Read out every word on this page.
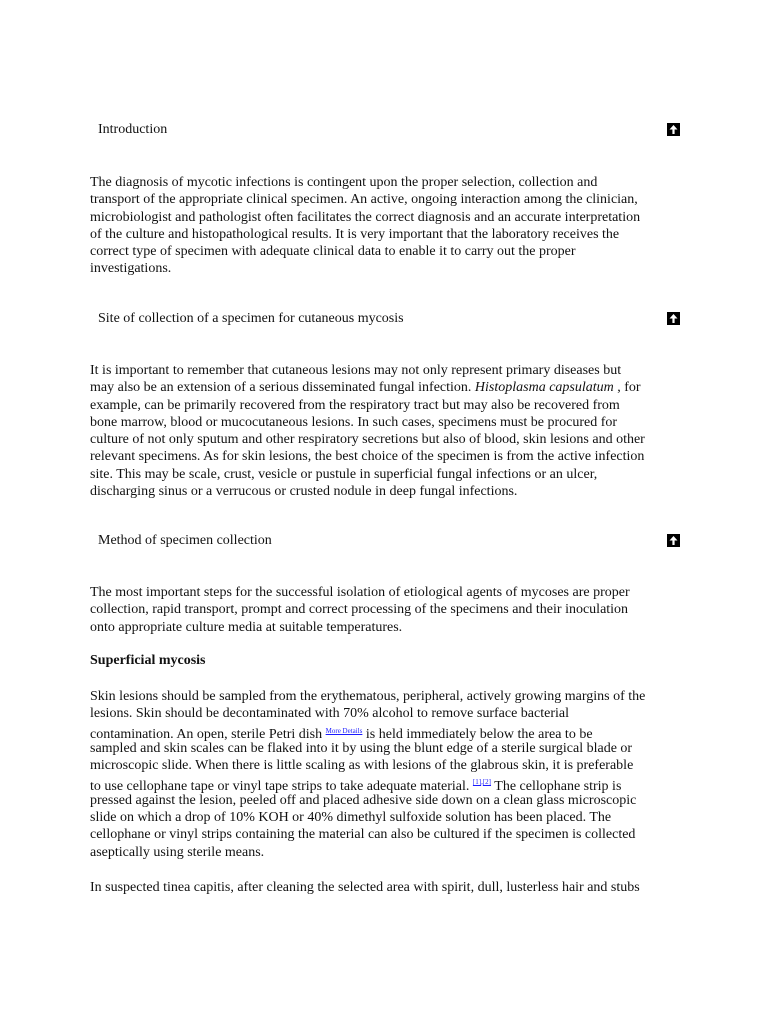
Introduction

The diagnosis of mycotic infections is contingent upon the proper selection, collection and
transport of the appropriate clinical specimen. An active, ongoing interaction among the clinician,
microbiologist and pathologist often facilitates the correct diagnosis and an accurate interpretation
of the culture and histopathological results. It is very important that the laboratory receives the
correct type of specimen with adequate clinical data to enable it to carry out the proper
investigations.

Site of collection of a specimen for cutaneous mycosis

It is important to remember that cutaneous lesions may not only represent primary diseases but
may also be an extension of a serious disseminated fungal infection. Histoplasma capsulatum , for
example, can be primarily recovered from the respiratory tract but may also be recovered from
bone marrow, blood or mucocutaneous lesions. In such cases, specimens must be procured for
culture of not only sputum and other respiratory secretions but also of blood, skin lesions and other
relevant specimens. As for skin lesions, the best choice of the specimen is from the active infection
site. This may be scale, crust, vesicle or pustule in superficial fungal infections or an ulcer,
discharging sinus or a verrucous or crusted nodule in deep fungal infections.

Method of specimen collection

The most important steps for the successful isolation of etiological agents of mycoses are proper
collection, rapid transport, prompt and correct processing of the specimens and their inoculation
onto appropriate culture media at suitable temperatures.

Superficial mycosis

Skin lesions should be sampled from the erythematous, peripheral, actively growing margins of the
lesions. Skin should be decontaminated with 70% alcohol to remove surface bacterial
contamination. An open, sterile Petri dish $^{More Details}$ is held immediately below the area to be
sampled and skin scales can be flaked into it by using the blunt edge of a sterile surgical blade or
microscopic slide. When there is little scaling as with lesions of the glabrous skin, it is preferable
to use cellophane tape or vinyl tape strips to take adequate material. [1],[2] The cellophane strip is
pressed against the lesion, peeled off and placed adhesive side down on a clean glass microscopic
slide on which a drop of 10% KOH or 40% dimethyl sulfoxide solution has been placed. The
cellophane or vinyl strips containing the material can also be cultured if the specimen is collected
aseptically using sterile means.

In suspected tinea capitis, after cleaning the selected area with spirit, dull, lusterless hair and stubs
